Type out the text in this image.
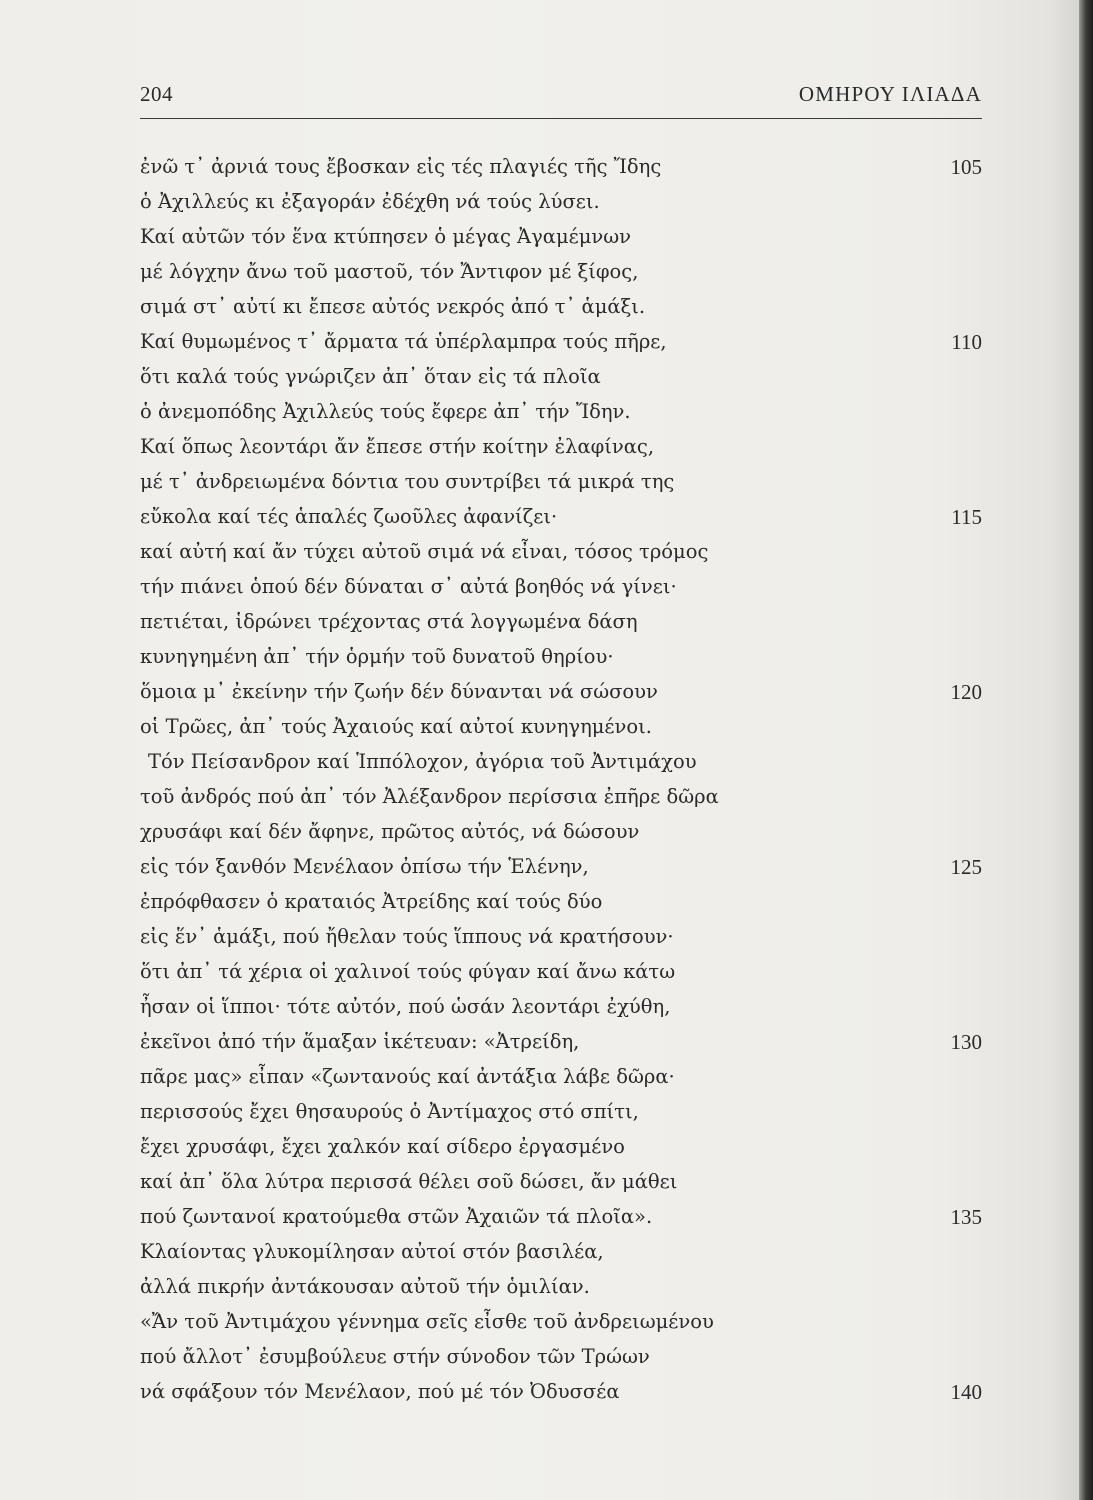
204	ΟΜΗΡΟΥ ΙΛΙΑΔΑ
ἐνῶ τ᾽ ἀρνιά τους ἔβοσκαν εἰς τές πλαγιές τῆς Ἴδης	105
ὁ Ἀχιλλεύς κι ἐξαγοράν ἐδέχθη νά τούς λύσει.
Καί αὐτῶν τόν ἕνα κτύπησεν ὁ μέγας Ἀγαμέμνων
μέ λόγχην ἄνω τοῦ μαστοῦ, τόν Ἄντιφον μέ ξίφος,
σιμά στ᾽ αὐτί κι ἔπεσε αὐτός νεκρός ἀπό τ᾽ ἁμάξι.
Καί θυμωμένος τ᾽ ἄρματα τά ὑπέρλαμπρα τούς πῆρε,	110
ὅτι καλά τούς γνώριζεν ἀπ᾽ ὅταν εἰς τά πλοῖα
ὁ ἀνεμοπόδης Ἀχιλλεύς τούς ἔφερε ἀπ᾽ τήν Ἴδην.
Καί ὅπως λεοντάρι ἄν ἔπεσε στήν κοίτην ἐλαφίνας,
μέ τ᾽ ἀνδρειωμένα δόντια του συντρίβει τά μικρά της
εὔκολα καί τές ἁπαλές ζωοῦλες ἀφανίζει·	115
καί αὐτή καί ἄν τύχει αὐτοῦ σιμά νά εἶναι, τόσος τρόμος
τήν πιάνει ὁπού δέν δύναται σ᾽ αὐτά βοηθός νά γίνει·
πετιέται, ἱδρώνει τρέχοντας στά λογγωμένα δάση
κυνηγημένη ἀπ᾽ τήν ὁρμήν τοῦ δυνατοῦ θηρίου·
ὅμοια μ᾽ ἐκείνην τήν ζωήν δέν δύνανται νά σώσουν	120
οἱ Τρῶες, ἀπ᾽ τούς Ἀχαιούς καί αὐτοί κυνηγημένοι.
Τόν Πείσανδρον καί Ἱππόλοχον, ἀγόρια τοῦ Ἀντιμάχου
τοῦ ἀνδρός πού ἀπ᾽ τόν Ἀλέξανδρον περίσσια ἐπῆρε δῶρα
χρυσάφι καί δέν ἄφηνε, πρῶτος αὐτός, νά δώσουν
εἰς τόν ξανθόν Μενέλαον ὀπίσω τήν Ἑλένην,	125
ἐπρόφθασεν ὁ κραταιός Ἀτρείδης καί τούς δύο
εἰς ἕν᾽ ἁμάξι, πού ἤθελαν τούς ἵππους νά κρατήσουν·
ὅτι ἀπ᾽ τά χέρια οἱ χαλινοί τούς φύγαν καί ἄνω κάτω
ἦσαν οἱ ἵπποι· τότε αὐτόν, πού ὡσάν λεοντάρι ἐχύθη,
ἐκεῖνοι ἀπό τήν ἅμαξαν ἱκέτευαν: «Ἀτρείδη,	130
πᾶρε μας» εἶπαν «ζωντανούς καί ἀντάξια λάβε δῶρα·
περισσούς ἔχει θησαυρούς ὁ Ἀντίμαχος στό σπίτι,
ἔχει χρυσάφι, ἔχει χαλκόν καί σίδερο ἐργασμένο
καί ἀπ᾽ ὅλα λύτρα περισσά θέλει σοῦ δώσει, ἄν μάθει
πού ζωντανοί κρατούμεθα στῶν Ἀχαιῶν τά πλοῖα».	135
Κλαίοντας γλυκομίλησαν αὐτοί στόν βασιλέα,
ἀλλά πικρήν ἀντάκουσαν αὐτοῦ τήν ὁμιλίαν.
«Ἄν τοῦ Ἀντιμάχου γέννημα σεῖς εἶσθε τοῦ ἀνδρειωμένου
πού ἄλλοτ᾽ ἐσυμβούλευε στήν σύνοδον τῶν Τρώων
νά σφάξουν τόν Μενέλαον, πού μέ τόν Ὀδυσσέα	140
